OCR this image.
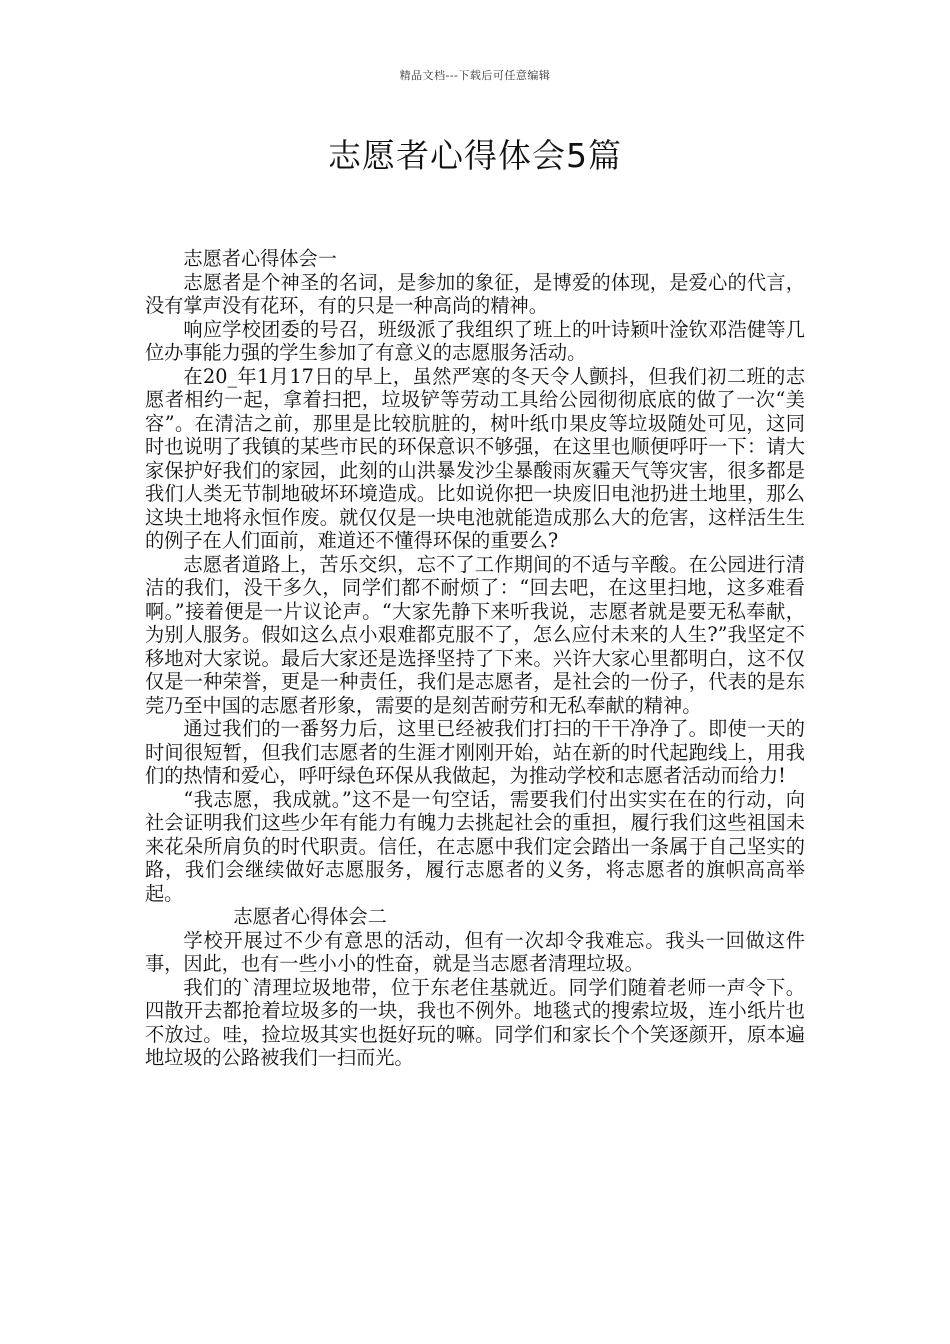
精品文档---下载后可任意编辑
志愿者心得体会5篇
志愿者心得体会一

志愿者是个神圣的名词，是参加的象征，是博爱的体现，是爱心的代言，没有掌声没有花环，有的只是一种高尚的精神。

响应学校团委的号召，班级派了我组织了班上的叶诗颖叶淦钦邓浩健等几位办事能力强的学生参加了有意义的志愿服务活动。

在20_年1月17日的早上，虽然严寒的冬天令人颤抖，但我们初二班的志愿者相约一起，拿着扫把，垃圾铲等劳动工具给公园彻彻底底的做了一次“美容”。在清洁之前，那里是比较肮脏的，树叶纸巾果皮等垃圾随处可见，这同时也说明了我镇的某些市民的环保意识不够强，在这里也顺便呼吁一下：请大家保护好我们的家园，此刻的山洪暴发沙尘暴酸雨灰霾天气等灾害，很多都是我们人类无节制地破坏环境造成。比如说你把一块废旧电池扔进土地里，那么这块土地将永恒作废。就仅仅是一块电池就能造成那么大的危害，这样活生生的例子在人们面前，难道还不懂得环保的重要么?

志愿者道路上，苦乐交织，忘不了工作期间的不适与辛酸。在公园进行清洁的我们，没干多久，同学们都不耐烦了：“回去吧，在这里扫地，这多难看啊。”接着便是一片议论声。“大家先静下来听我说，志愿者就是要无私奉献，为别人服务。假如这么点小艰难都克服不了，怎么应付未来的人生?”我坚定不移地对大家说。最后大家还是选择坚持了下来。兴许大家心里都明白，这不仅仅是一种荣誉，更是一种责任，我们是志愿者，是社会的一份子，代表的是东莞乃至中国的志愿者形象，需要的是刻苦耐劳和无私奉献的精神。

通过我们的一番努力后，这里已经被我们打扫的干干净净了。即使一天的时间很短暂，但我们志愿者的生涯才刚刚开始，站在新的时代起跑线上，用我们的热情和爱心，呼吁绿色环保从我做起，为推动学校和志愿者活动而给力!

“我志愿，我成就。”这不是一句空话，需要我们付出实实在在的行动，向社会证明我们这些少年有能力有魄力去挑起社会的重担，履行我们这些祖国未来花朵所肩负的时代职责。信任，在志愿中我们定会踏出一条属于自己坚实的路，我们会继续做好志愿服务，履行志愿者的义务，将志愿者的旗帜高高举起。

志愿者心得体会二

学校开展过不少有意思的活动，但有一次却令我难忘。我头一回做这件事，因此，也有一些小小的性奋，就是当志愿者清理垃圾。

我们的`清理垃圾地带，位于东老住基就近。同学们随着老师一声令下。四散开去都抢着垃圾多的一块，我也不例外。地毯式的搜索垃圾，连小纸片也不放过。哇，捡垃圾其实也挺好玩的嘛。同学们和家长个个笑逐颜开，原本遍地垃圾的公路被我们一扫而光。
